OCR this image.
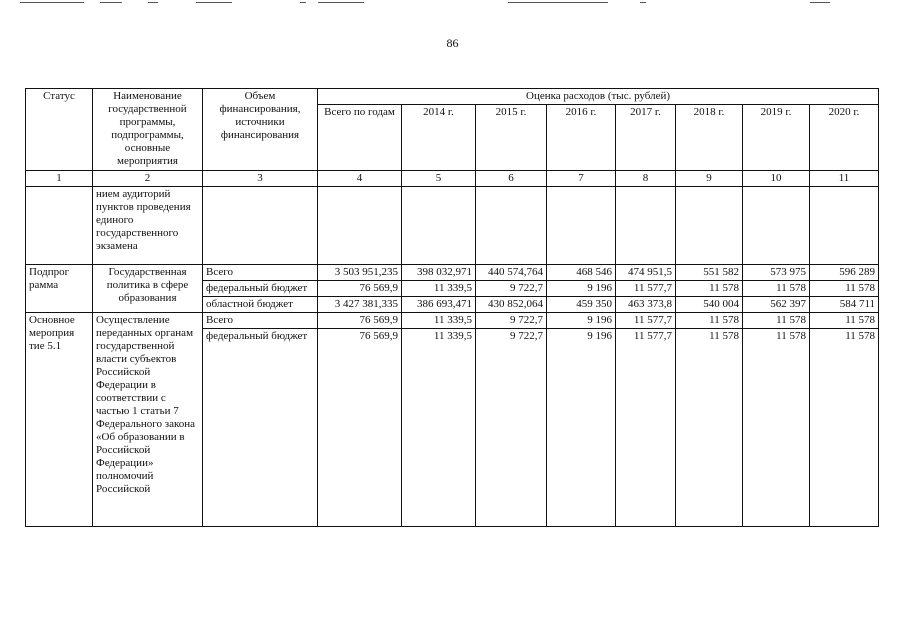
86
Статус	Наименование государственной программы, подпрограммы, основные мероприятия	Объем финансирования, источники финансирования	Оценка расходов (тыс. рублей)							
			Всего по годам	2014 г.	2015 г.	2016 г.	2017 г.	2018 г.	2019 г.	2020 г.
1	2	3	4	5	6	7	8	9	10	11
	нием аудиторий пунктов проведения единого государственного экзамена									
Подпрог рамма	Государственная политика в сфере образования	Всего	3 503 951,235	398 032,971	440 574,764	468 546	474 951,5	551 582	573 975	596 289
		федеральный бюджет	76 569,9	11 339,5	9 722,7	9 196	11 577,7	11 578	11 578	11 578
		областной бюджет	3 427 381,335	386 693,471	430 852,064	459 350	463 373,8	540 004	562 397	584 711
Основное мероприя тие 5.1	Осуществление переданных органам государственной власти субъектов Российской Федерации в соответствии с частью 1 статьи 7 Федерального закона «Об образовании в Российской Федерации» полномочий Российской	Всего	76 569,9	11 339,5	9 722,7	9 196	11 577,7	11 578	11 578	11 578
		федеральный бюджет	76 569,9	11 339,5	9 722,7	9 196	11 577,7	11 578	11 578	11 578
